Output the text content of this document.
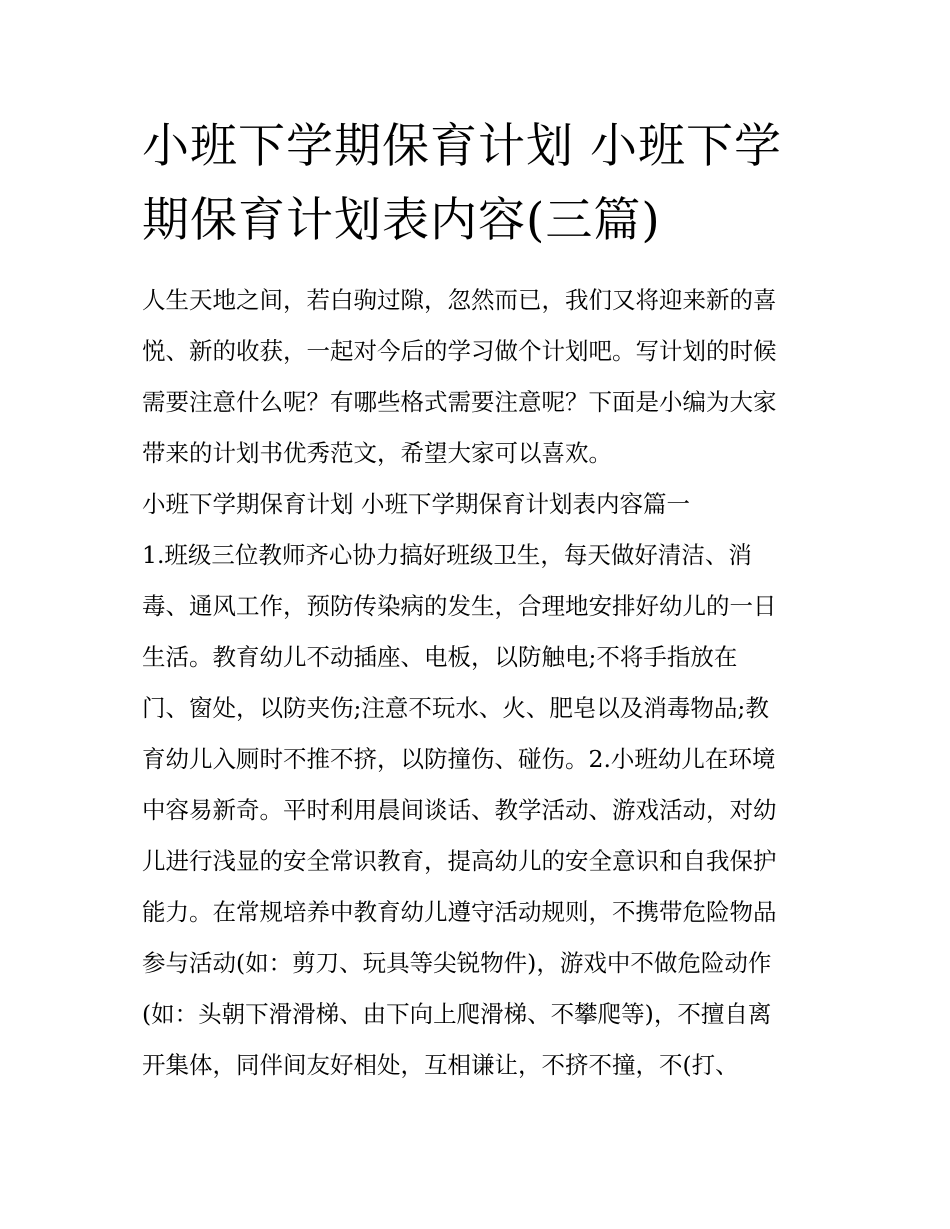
小班下学期保育计划 小班下学
期保育计划表内容(三篇)
人生天地之间，若白驹过隙，忽然而已，我们又将迎来新的喜
悦、新的收获，一起对今后的学习做个计划吧。写计划的时候
需要注意什么呢？有哪些格式需要注意呢？下面是小编为大家
带来的计划书优秀范文，希望大家可以喜欢。
小班下学期保育计划 小班下学期保育计划表内容篇一
1.班级三位教师齐心协力搞好班级卫生，每天做好清洁、消
毒、通风工作，预防传染病的发生，合理地安排好幼儿的一日
生活。教育幼儿不动插座、电板，以防触电;不将手指放在
门、窗处，以防夹伤;注意不玩水、火、肥皂以及消毒物品;教
育幼儿入厕时不推不挤，以防撞伤、碰伤。2.小班幼儿在环境
中容易新奇。平时利用晨间谈话、教学活动、游戏活动，对幼
儿进行浅显的安全常识教育，提高幼儿的安全意识和自我保护
能力。在常规培养中教育幼儿遵守活动规则，不携带危险物品
参与活动(如：剪刀、玩具等尖锐物件)，游戏中不做危险动作
(如：头朝下滑滑梯、由下向上爬滑梯、不攀爬等)，不擅自离
开集体，同伴间友好相处，互相谦让，不挤不撞，不(打、
